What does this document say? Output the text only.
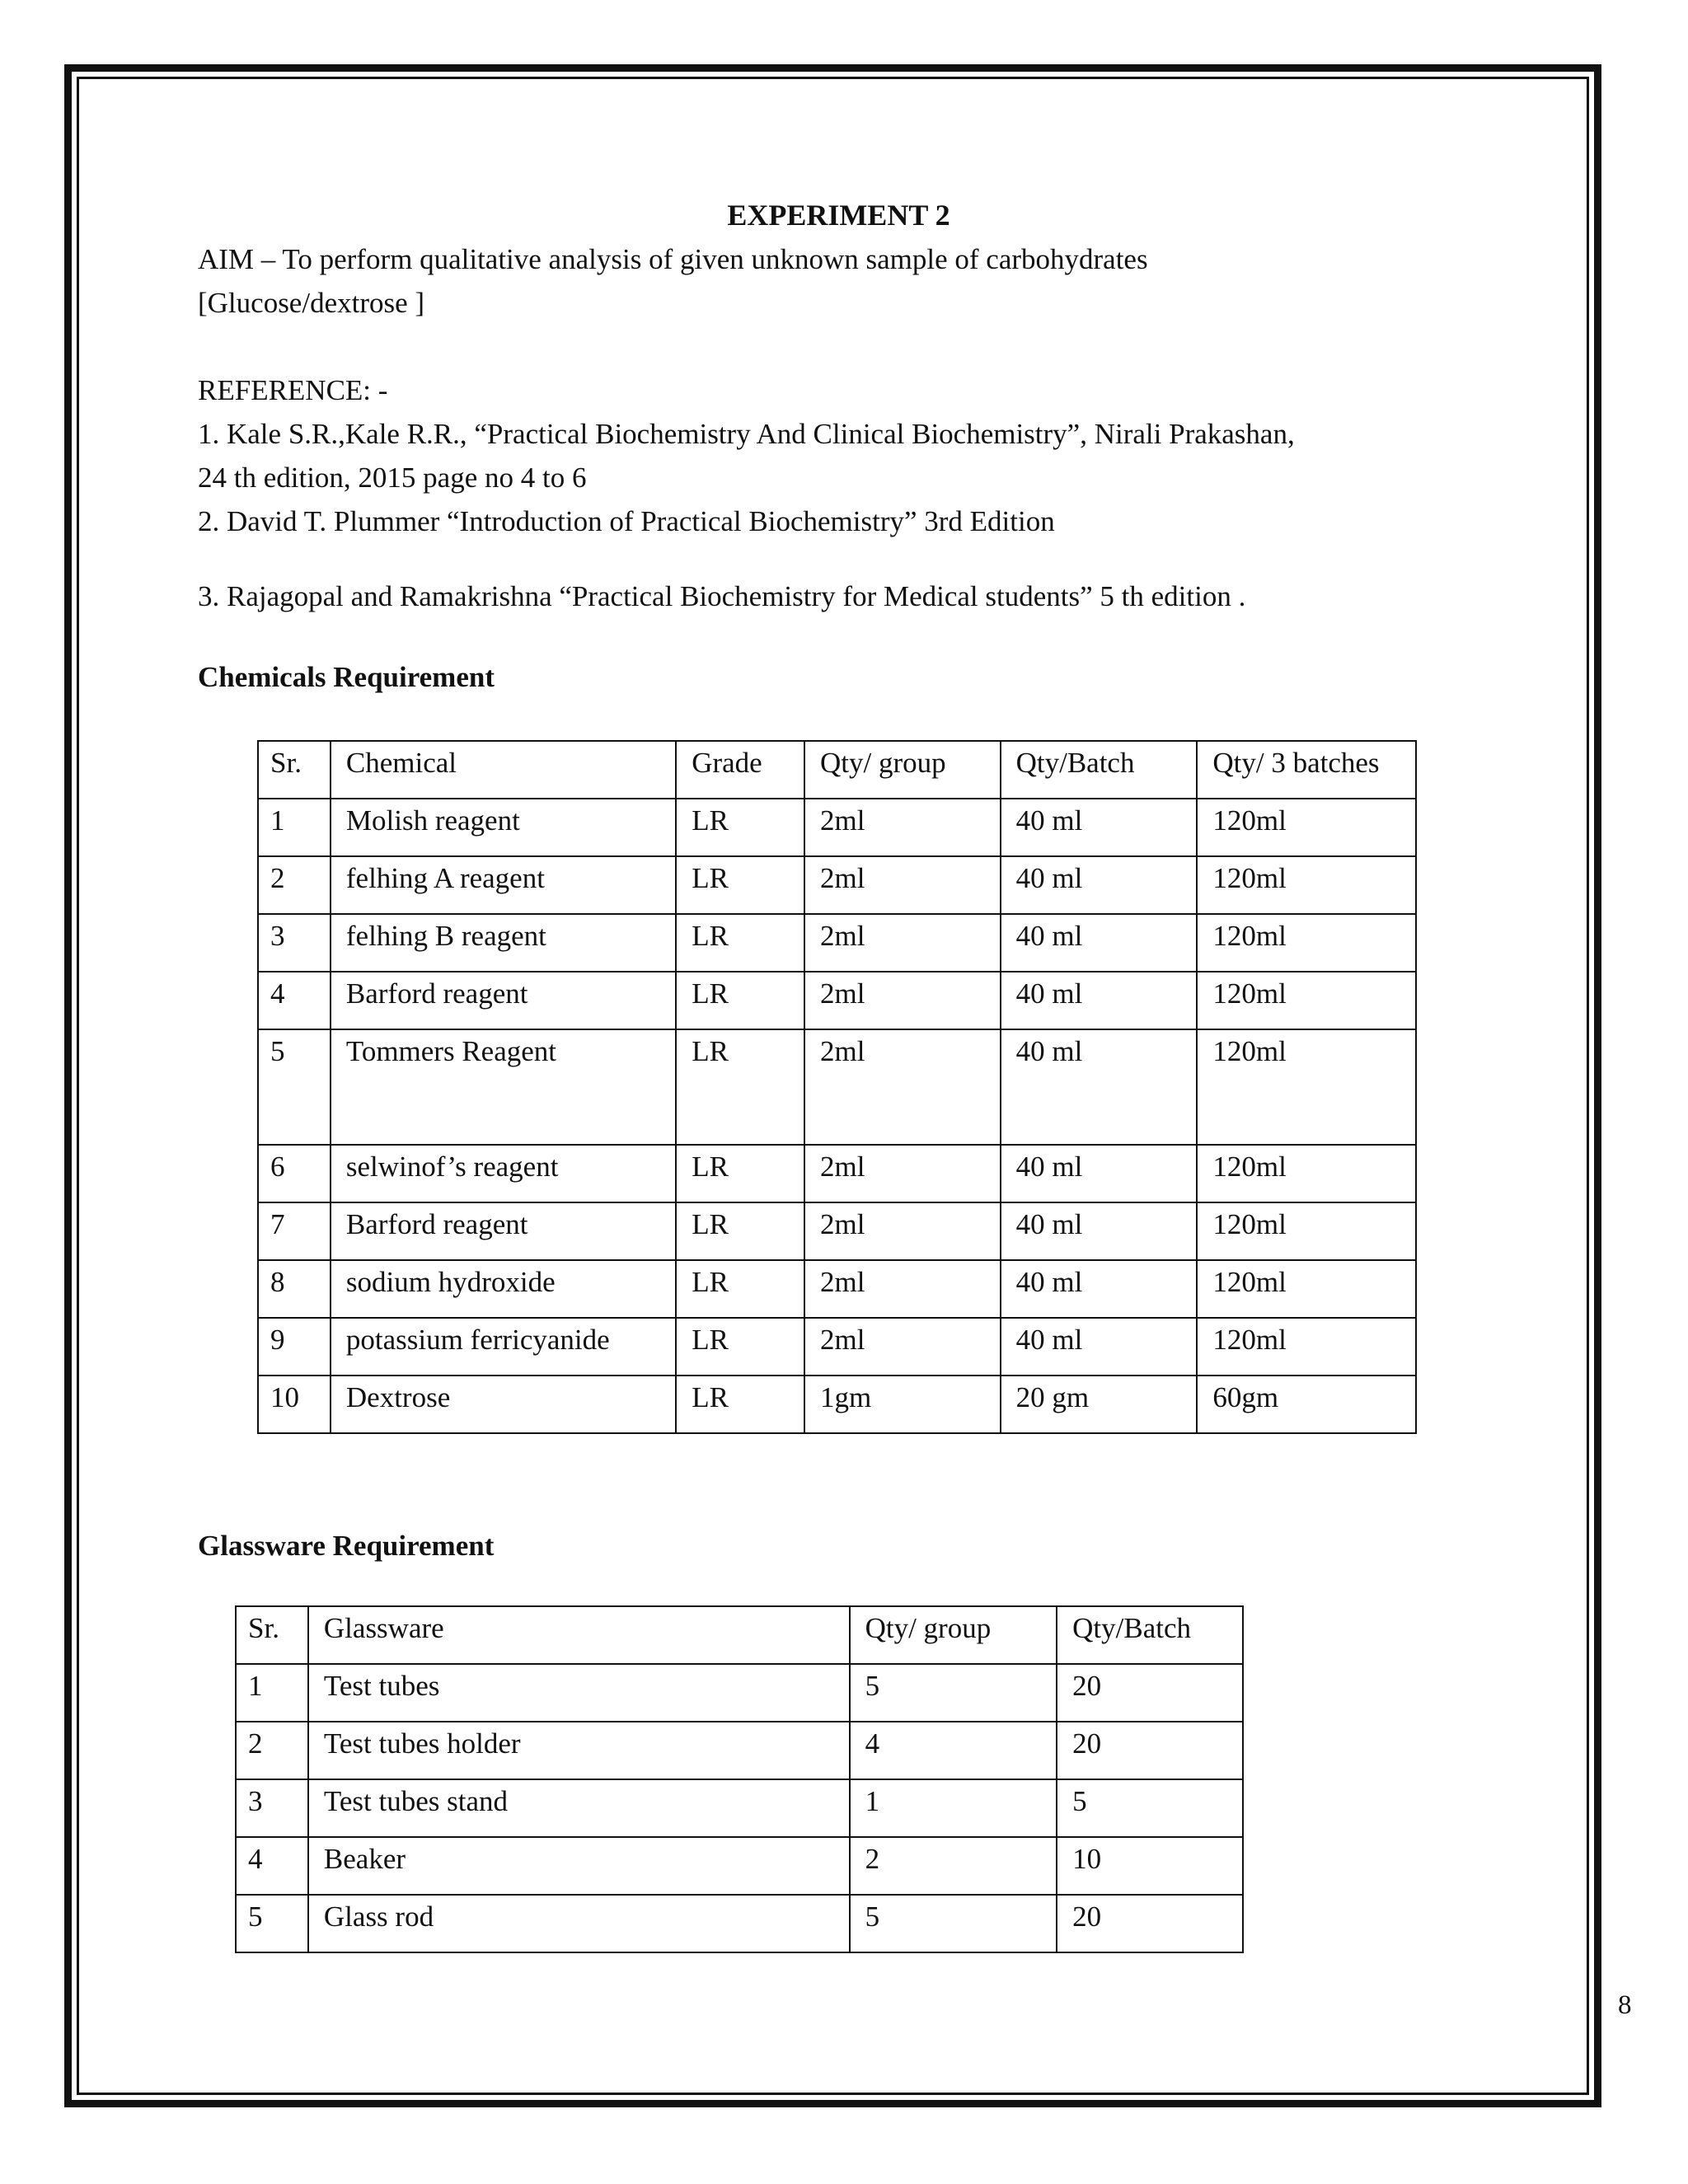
EXPERIMENT 2

AIM – To perform qualitative analysis of given unknown sample of carbohydrates

[Glucose/dextrose ]

REFERENCE: -

1. Kale S.R.,Kale R.R., “Practical Biochemistry And Clinical Biochemistry”, Nirali Prakashan,

24 th edition, 2015 page no 4 to 6

2. David T. Plummer “Introduction of Practical Biochemistry” 3rd Edition

3. Rajagopal and Ramakrishna “Practical Biochemistry for Medical students” 5 th edition .

Chemicals Requirement

Sr.	Chemical	Grade	Qty/ group	Qty/Batch	Qty/ 3 batches
1	Molish reagent	LR	2ml	40 ml	120ml
2	felhing A reagent	LR	2ml	40 ml	120ml
3	felhing B reagent	LR	2ml	40 ml	120ml
4	Barford reagent	LR	2ml	40 ml	120ml
5	Tommers Reagent	LR	2ml	40 ml	120ml
6	selwinof’s reagent	LR	2ml	40 ml	120ml
7	Barford reagent	LR	2ml	40 ml	120ml
8	sodium hydroxide	LR	2ml	40 ml	120ml
9	potassium ferricyanide	LR	2ml	40 ml	120ml
10	Dextrose	LR	1gm	20 gm	60gm

Glassware Requirement

Sr.	Glassware	Qty/ group	Qty/Batch
1	Test tubes	5	20
2	Test tubes holder	4	20
3	Test tubes stand	1	5
4	Beaker	2	10
5	Glass rod	5	20
8
